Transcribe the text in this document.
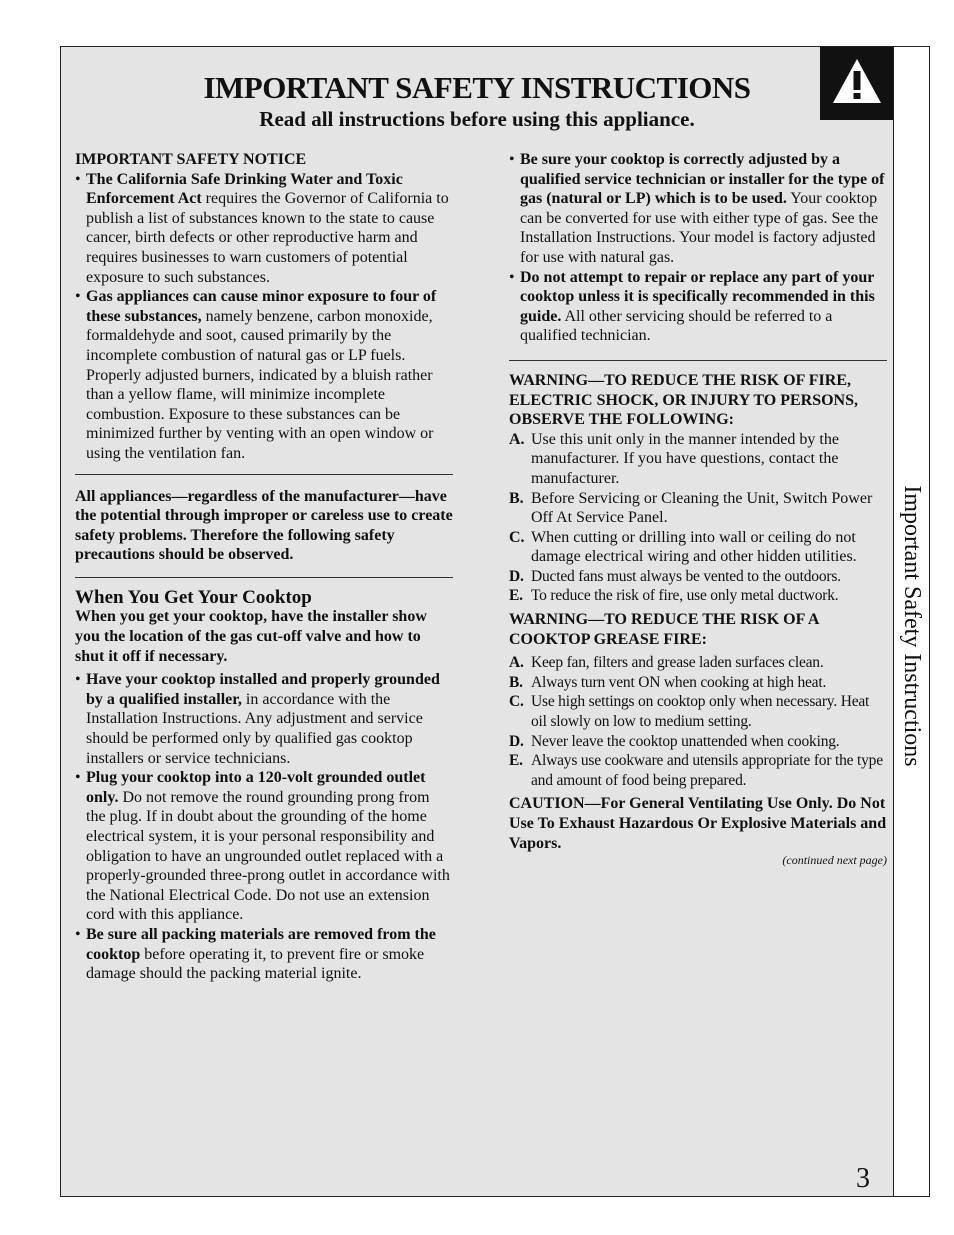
IMPORTANT SAFETY INSTRUCTIONS

Read all instructions before using this appliance.

Important Safety Instructions

IMPORTANT SAFETY NOTICE

• The California Safe Drinking Water and Toxic Enforcement Act requires the Governor of California to publish a list of substances known to the state to cause cancer, birth defects or other reproductive harm and requires businesses to warn customers of potential exposure to such substances.

• Gas appliances can cause minor exposure to four of these substances, namely benzene, carbon monoxide, formaldehyde and soot, caused primarily by the incomplete combustion of natural gas or LP fuels. Properly adjusted burners, indicated by a bluish rather than a yellow flame, will minimize incomplete combustion. Exposure to these substances can be minimized further by venting with an open window or using the ventilation fan.

All appliances—regardless of the manufacturer—have the potential through improper or careless use to create safety problems. Therefore the following safety precautions should be observed.

When You Get Your Cooktop

When you get your cooktop, have the installer show you the location of the gas cut-off valve and how to shut it off if necessary.

• Have your cooktop installed and properly grounded by a qualified installer, in accordance with the Installation Instructions. Any adjustment and service should be performed only by qualified gas cooktop installers or service technicians.

• Plug your cooktop into a 120-volt grounded outlet only. Do not remove the round grounding prong from the plug. If in doubt about the grounding of the home electrical system, it is your personal responsibility and obligation to have an ungrounded outlet replaced with a properly-grounded three-prong outlet in accordance with the National Electrical Code. Do not use an extension cord with this appliance.

• Be sure all packing materials are removed from the cooktop before operating it, to prevent fire or smoke damage should the packing material ignite.

• Be sure your cooktop is correctly adjusted by a qualified service technician or installer for the type of gas (natural or LP) which is to be used. Your cooktop can be converted for use with either type of gas. See the Installation Instructions. Your model is factory adjusted for use with natural gas.

• Do not attempt to repair or replace any part of your cooktop unless it is specifically recommended in this guide. All other servicing should be referred to a qualified technician.

WARNING—TO REDUCE THE RISK OF FIRE, ELECTRIC SHOCK, OR INJURY TO PERSONS, OBSERVE THE FOLLOWING:

A. Use this unit only in the manner intended by the manufacturer. If you have questions, contact the manufacturer.

B. Before Servicing or Cleaning the Unit, Switch Power Off At Service Panel.

C. When cutting or drilling into wall or ceiling do not damage electrical wiring and other hidden utilities.

D. Ducted fans must always be vented to the outdoors.

E. To reduce the risk of fire, use only metal ductwork.

WARNING—TO REDUCE THE RISK OF A COOKTOP GREASE FIRE:

A. Keep fan, filters and grease laden surfaces clean.

B. Always turn vent ON when cooking at high heat.

C. Use high settings on cooktop only when necessary. Heat oil slowly on low to medium setting.

D. Never leave the cooktop unattended when cooking.

E. Always use cookware and utensils appropriate for the type and amount of food being prepared.

CAUTION—For General Ventilating Use Only. Do Not Use To Exhaust Hazardous Or Explosive Materials and Vapors.

(continued next page)

3
